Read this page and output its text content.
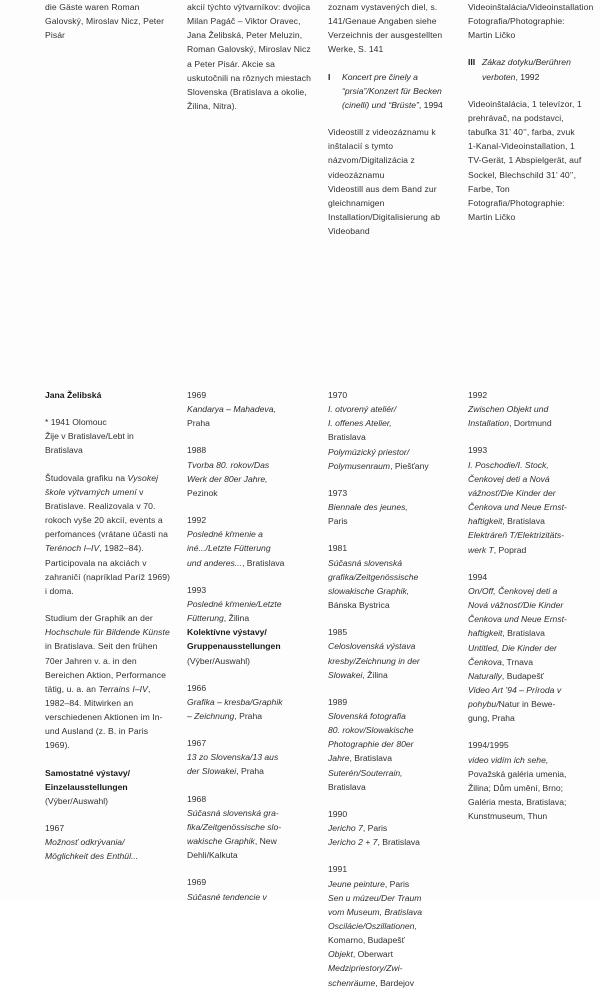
die Gäste waren Roman Galovský, Miroslav Nicz, Peter Pisár

akcií týchto výtvarníkov: dvojica Milan Pagáč – Viktor Oravec, Jana Želibská, Peter Meluzin, Roman Galovský, Miroslav Nicz a Peter Pisár. Akcie sa uskutočnili na rôznych miestach Slovenska (Bratislava a okolie, Žilina, Nitra).

zoznam vystavených diel, s. 141/Genaue Angaben siehe Verzeichnis der ausgestellten Werke, S. 141

I Koncert pre činely a “prsia”/Konzert für Becken (cinelli) und “Brüste”, 1994

Videostill z videozáznamu k inštalacií s tymto názvom/Digitalizácia z videozáznamu

Videostill aus dem Band zur gleichnamigen Installation/Digitalisierung ab Videoband

Videoinštalácia/Videoinstallation

Fotografia/Photographie: Martin Ličko

III Zákaz dotyku/Berühren verboten, 1992

Videoinštalácia, 1 televízor, 1 prehrávač, na podstavci, tabuľka 31’ 40’’, farba, zvuk

1-Kanal-Videoinstallation, 1 TV-Gerät, 1 Abspielgerät, auf Sockel, Blechschild 31’ 40’’, Farbe, Ton

Fotografia/Photographie: Martin Ličko

Jana Želibská

* 1941 Olomouc

Žije v Bratislave/Lebt in Bratislava

Študovala grafiku na Vysokej škole výtvarných umení v Bratislave. Realizovala v 70. rokoch vyše 20 akcií, events a perfomances (vrátane účasti na Terénoch I–IV, 1982–84). Participovala na akciách v zahraničí (napríklad Paríž 1969) i doma.

Studium der Graphik an der Hochschule für Bildende Künste in Bratislava. Seit den frühen 70er Jahren v. a. in den Bereichen Aktion, Performance tätig, u. a. an Terrains I–IV, 1982–84. Mitwirken an verschiedenen Aktionen im In- und Ausland (z. B. in Paris 1969).

Samostatné výstavy/

Einzelausstellungen

(Výber/Auswahl)

1967

Možnosť odkrývania/

Möglichkeit des Enthül...

1969

Kandarya – Mahadeva,

Praha

1988

Tvorba 80. rokov/Das

Werk der 80er Jahre,

Pezinok

1992

Posledné kŕmenie a

iné.../Letzte Fütterung

und anderes..., Bratislava

1993

Posledné kŕmenie/Letzte

Fütterung, Žilina

Kolektívne výstavy/

Gruppenausstellungen

(Výber/Auswahl)

1966

Grafika – kresba/Graphik

– Zeichnung, Praha

1967

13 zo Slovenska/13 aus

der Slowakei, Praha

1968

Súčasná slovenská gra-

fika/Zeitgenössische slo-

wakische Graphik, New

Dehli/Kalkuta

1969

Súčasné tendencie v

1970

I. otvorený ateliér/

I. offenes Atelier,

Bratislava

Polymúzický priestor/

Polymusenraum, Piešťany

1973

Biennale des jeunes,

Paris

1981

Súčasná slovenská

grafika/Zeitgenössische

slowakische Graphik,

Bánska Bystrica

1985

Celoslovenská výstava

kresby/Zeichnung in der

Slowakei, Žilina

1989

Slovenská fotografia

80. rokov/Slowakische

Photographie der 80er

Jahre, Bratislava

Suterén/Souterrain,

Bratislava

1990

Jericho 7, Paris

Jericho 2 + 7, Bratislava

1991

Jeune peinture, Paris

Sen u múzeu/Der Traum

vom Museum, Bratislava

Oscilácie/Oszillationen,

Komarno, Budapešť

Objekt, Oberwart

Medzipriestory/Zwi-

schenräume, Bardejov

1992

Zwischen Objekt und

Installation, Dortmund

1993

I. Poschodie/I. Stock,

Čenkovej deti a Nová

vážnosť/Die Kinder der

Čenkova und Neue Ernst-

haftigkeit, Bratislava

Elektráreň T/Elektrizitäts-

werk T, Poprad

1994

On/Off, Čenkovej deti a

Nová vážnosť/Die Kinder

Čenkova und Neue Ernst-

haftigkeit, Bratislava

Untitled, Die Kinder der

Čenkova, Trnava

Naturally, Budapešť

Video Art ’94 – Príroda v

pohybu/Natur in Bewe-

gung, Praha

1994/1995

video vidím ich sehe,

Považská galéria umenia,

Žilina; Dům umění, Brno;

Galéria mesta, Bratislava;

Kunstmuseum, Thun
